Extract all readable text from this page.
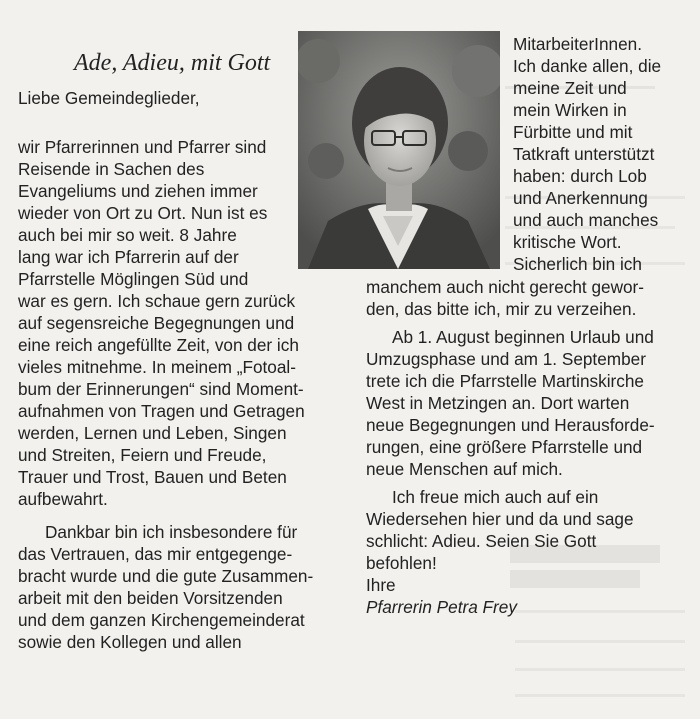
Ade, Adieu, mit Gott
Liebe Gemeindeglieder,
wir Pfarrerinnen und Pfarrer sind
Reisende in Sachen des
Evangeliums und ziehen immer
wieder von Ort zu Ort. Nun ist es
auch bei mir so weit. 8 Jahre
lang war ich Pfarrerin auf der
Pfarrstelle Möglingen Süd und
war es gern. Ich schaue gern zurück
auf segensreiche Begegnungen und
eine reich angefüllte Zeit, von der ich
vieles mitnehme. In meinem „Fotoal-
bum der Erinnerungen“ sind Moment-
aufnahmen von Tragen und Getragen
werden, Lernen und Leben, Singen
und Streiten, Feiern und Freude,
Trauer und Trost, Bauen und Beten
aufbewahrt.
Dankbar bin ich insbesondere für
das Vertrauen, das mir entgegenge-
bracht wurde und die gute Zusammen-
arbeit mit den beiden Vorsitzenden
und dem ganzen Kirchengemeinderat
sowie den Kollegen und allen
MitarbeiterInnen.
Ich danke allen, die
meine Zeit und
mein Wirken in
Fürbitte und mit
Tatkraft unterstützt
haben: durch Lob
und Anerkennung
und auch manches
kritische Wort.
Sicherlich bin ich
manchem auch nicht gerecht gewor-
den, das bitte ich, mir zu verzeihen.
Ab 1. August beginnen Urlaub und
Umzugsphase und am 1. September
trete ich die Pfarrstelle Martinskirche
West in Metzingen an. Dort warten
neue Begegnungen und Herausforde-
rungen, eine größere Pfarrstelle und
neue Menschen auf mich.
Ich freue mich auch auf ein
Wiedersehen hier und da und sage
schlicht: Adieu. Seien Sie Gott
befohlen!
Ihre
Pfarrerin Petra Frey
